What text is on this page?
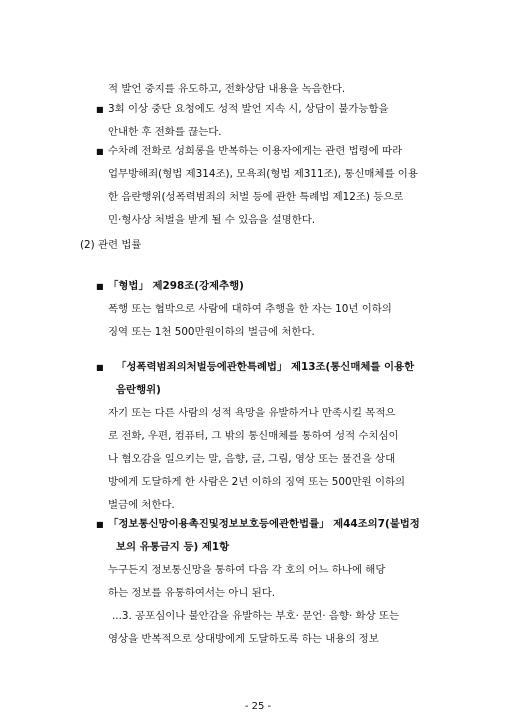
적 발언 중지를 유도하고, 전화상담 내용을 녹음한다.
■ 3회 이상 중단 요청에도 성적 발언 지속 시, 상담이 불가능함을
안내한 후 전화를 끊는다.
■ 수차례 전화로 성희롱을 반복하는 이용자에게는 관련 법령에 따라
업무방해죄(형법 제314조), 모욕죄(형법 제311조), 통신매체를 이용
한 음란행위(성폭력범죄의 처벌 등에 관한 특례법 제12조) 등으로
민·형사상 처벌을 받게 될 수 있음을 설명한다.
(2) 관련 법률
■ 「형법」 제298조(강제추행)
폭행 또는 협박으로 사람에 대하여 추행을 한 자는 10년 이하의
징역 또는 1천 500만원이하의 벌금에 처한다.
■ 「성폭력범죄의처벌등에관한특례법」 제13조(통신매체를 이용한
음란행위)
자기 또는 다른 사람의 성적 욕망을 유발하거나 만족시킬 목적으
로 전화, 우편, 컴퓨터, 그 밖의 통신매체를 통하여 성적 수치심이
나 혐오감을 일으키는 말, 음향, 글, 그림, 영상 또는 물건을 상대
방에게 도달하게 한 사람은 2년 이하의 징역 또는 500만원 이하의
벌금에 처한다.
■ 「정보통신망이용촉진및정보보호등에관한법률」 제44조의7(불법정
보의 유통금지 등) 제1항
누구든지 정보통신망을 통하여 다음 각 호의 어느 하나에 해당
하는 정보를 유통하여서는 아니 된다.
...3. 공포심이나 불안감을 유발하는 부호· 문언· 음향· 화상 또는
영상을 반복적으로 상대방에게 도달하도록 하는 내용의 정보
- 25 -
